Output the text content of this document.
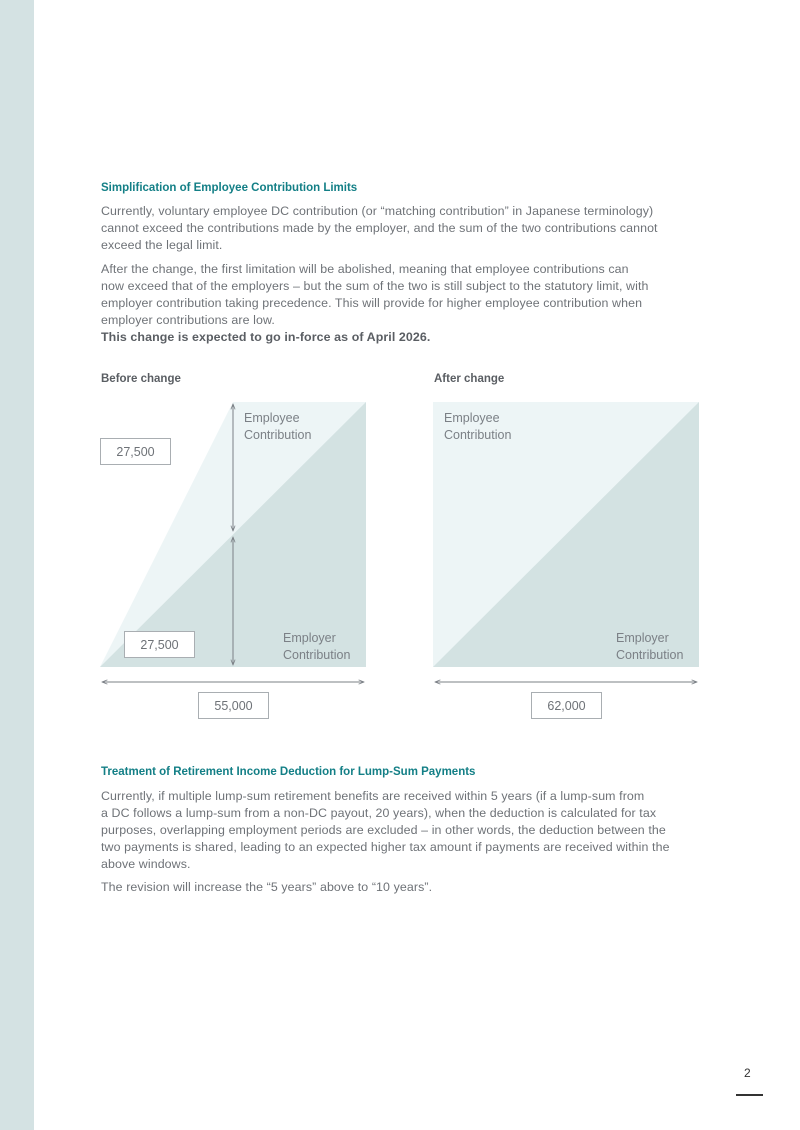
Simplification of Employee Contribution Limits

Currently, voluntary employee DC contribution (or “matching contribution” in Japanese terminology)

cannot exceed the contributions made by the employer, and the sum of the two contributions cannot

exceed the legal limit.

After the change, the first limitation will be abolished, meaning that employee contributions can

now exceed that of the employers – but the sum of the two is still subject to the statutory limit, with

employer contribution taking precedence. This will provide for higher employee contribution when

employer contributions are low.

This change is expected to go in-force as of April 2026.

Before change
Employee
Contribution
Employer
Contribution
27,500
27,500
55,000
After change
Employee
Contribution
Employer
Contribution
62,000

Treatment of Retirement Income Deduction for Lump-Sum Payments

Currently, if multiple lump-sum retirement benefits are received within 5 years (if a lump-sum from

a DC follows a lump-sum from a non-DC payout, 20 years), when the deduction is calculated for tax

purposes, overlapping employment periods are excluded – in other words, the deduction between the

two payments is shared, leading to an expected higher tax amount if payments are received within the

above windows.

The revision will increase the “5 years” above to “10 years”.

2
